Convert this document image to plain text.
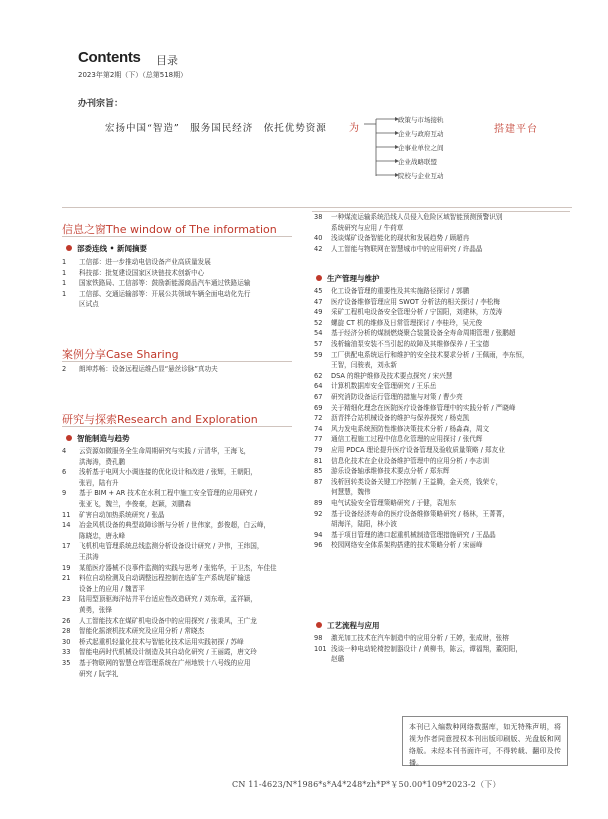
Contents 目录
2023年第2期（下）（总第518期）
办刊宗旨：
宏扬中国“智造”　服务国民经济　依托优势资源 为	搭建平台
政策与市场接轨
企业与政府互动
企事业单位之间
企业战略联盟
院校与企业互动
信息之窗The window of The information
部委连线 • 新闻摘要
1	工信部：进一步推动电信设备产业高质量发展
1	科技部：批复建设国家区块链技术创新中心
1	国家铁路局、工信部等：鼓励新能源商品汽车通过铁路运输
1	工信部、交通运输部等：开展公共领域车辆全面电动化先行
区试点
案例分享Case Sharing
2	朗坤苏畅：设备远程运维凸显“悬丝诊脉”真功夫
研究与探索Research and Exploration
智能制造与趋势
4	云资源如微服务全生命周期研究与实践 / 亓清华，王海飞，
洪海涛，费孔鹏
6	浅析基于电网大小调连接的优化设计和改进 / 张辉，王朝阳，
张岩，陆有升
9	基于 BIM + AR 技术在水利工程中施工安全管理的应用研究 /
张亚飞，魏兰，李俊豪，赵颖，刘鹏森
11	矿害自动加热系统研究 / 张晶
14	冶金风机设备的典型故障诊断与分析 / 世伟家，彭俊超，白云峰，
陈晓忠，唐永峰
17	飞机机电管理系统总线监测分析设备设计研究 / 尹伟，王纬国，
王洪涛
19	某船医疗器械不良事件监测的实践与思考 / 张铭华，于卫杰，车佳佳
21	料位自动检测及自动调整远程控制在选矿生产系统尾矿输送
设备上的应用 / 魏晋平
23	陆用型顶驱海洋钻井平台适应性改造研究 / 刘东章，孟祥颖，
黄勇，张锋
26	人工智能技术在煤矿机电设备中的应用探究 / 张秉风，王广龙
28	智能化摇滚机技术研究及应用分析 / 常晓杰
30	桥式起重机轻量化技术与智能化技术运用实践初探 / 苏峰
33	智能电码时代机械设计制造及其自动化研究 / 王丽霞，唐文玲
35	基于物联网的智慧仓库管理系统在广州地铁十八号线的应用
研究 / 阮学礼
38	一种煤流运输系统沿线人员侵入危险区域智能预测预警识别
系统研究与应用 / 牛荷草
40	浅谈煤矿设备智能化的现状和发展趋势 / 顾超冉
42	人工智能与物联网在智慧城市中的应用研究 / 许晶晶
生产管理与维护
45	化工设备管理的重要性及其实施路径探讨 / 郭鹏
47	医疗设备维修管理应用 SWOT 分析法的相关探讨 / 李松梅
49	采矿工程机电设备安全管理分析 / 宁国阳，刘建林，方茂涛
52	螺旋 CT 机的维修及日常管理探讨 / 李桂玲，吴元俊
54	基于经济分析的煤制燃烧聚合装置设备全寿命周期管理 / 张鹏超
57	浅析输油泵安装不当引起的故障及其维修保养 / 王宝德
59	工厂供配电系统运行和维护的安全技术要求分析 / 王佩雨，李东恒，
王智，闫骏表，刘永新
62	DSA 的维护维修及技术要点探究 / 宋兴慧
64	计算机数据库安全管理研究 / 王乐岳
67	研究消防设备运行管理的措施与对策 / 曹少亮
69	关于精细化理念在医院医疗设备维修管理中的实践分析 / 严晓峰
72	沥青拌合站机械设备的维护与保养探究 / 杨克凯
74	风力发电系统预防性维修决策技术分析 / 杨淼森，周文
77	通信工程施工过程中信息化管理的应用探讨 / 张代辉
79	应用 PDCA 理论提升医疗设备管理及验收质量策略 / 郑友业
81	信息化技术在企业设备维护管理中的应用分析 / 李志训
85	游乐设备轴承维修技术要点分析 / 郑东辉
87	浅析回转类设备关键工序控制 / 王益腾，金天亮，钱荣专，
何慧慧，魏伟
89	电气试验安全管理策略研究 / 于健，袁旭东
92	基于设备经济寿命的医疗设备维修策略研究 / 杨林，王菁菁，
胡海洋，陆阳，林小波
94	基于项目管理的港口起重机械制造管理措施研究 / 王晶晶
96	校园网络安全体系架构搭建的技术策略分析 / 宋丽峰
工艺流程与应用
98	激光加工技术在汽车制造中的应用分析 / 王婷，张成财，张榕
101 浅谈一种电动轮椅控制器设计 / 黄柳书，陈云，谭福翔，董阳阳，
赵璐
本刊已入编数种网络数据库，如无特殊声明，将视为作者同意授权本刊出版印刷版、光盘版和网络版。未经本刊书面许可，不得转载、翻印及传播。
CN 11-4623/N*1986*s*A4*248*zh*P*￥50.00*109*2023-2（下）
